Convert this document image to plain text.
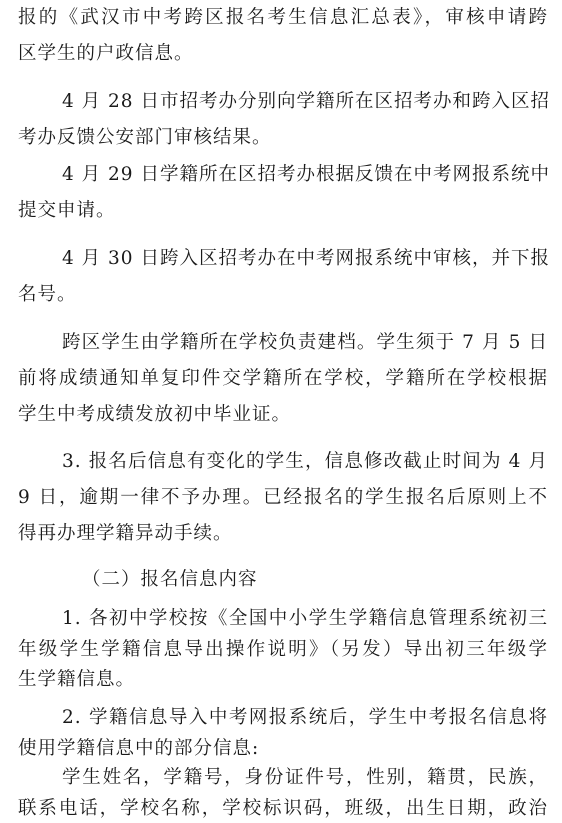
报的《武汉市中考跨区报名考生信息汇总表》，审核申请跨
区学生的户政信息。
4 月 28 日市招考办分别向学籍所在区招考办和跨入区招
考办反馈公安部门审核结果。
4 月 29 日学籍所在区招考办根据反馈在中考网报系统中
提交申请。
4 月 30 日跨入区招考办在中考网报系统中审核，并下报
名号。
跨区学生由学籍所在学校负责建档。学生须于 7 月 5 日
前将成绩通知单复印件交学籍所在学校，学籍所在学校根据
学生中考成绩发放初中毕业证。
3. 报名后信息有变化的学生，信息修改截止时间为 4 月
9 日，逾期一律不予办理。已经报名的学生报名后原则上不
得再办理学籍异动手续。
（二）报名信息内容
1. 各初中学校按《全国中小学生学籍信息管理系统初三
年级学生学籍信息导出操作说明》（另发）导出初三年级学
生学籍信息。
2. 学籍信息导入中考网报系统后，学生中考报名信息将
使用学籍信息中的部分信息:
学生姓名，学籍号，身份证件号，性别，籍贯，民族，
联系电话，学校名称，学校标识码，班级，出生日期，政治
